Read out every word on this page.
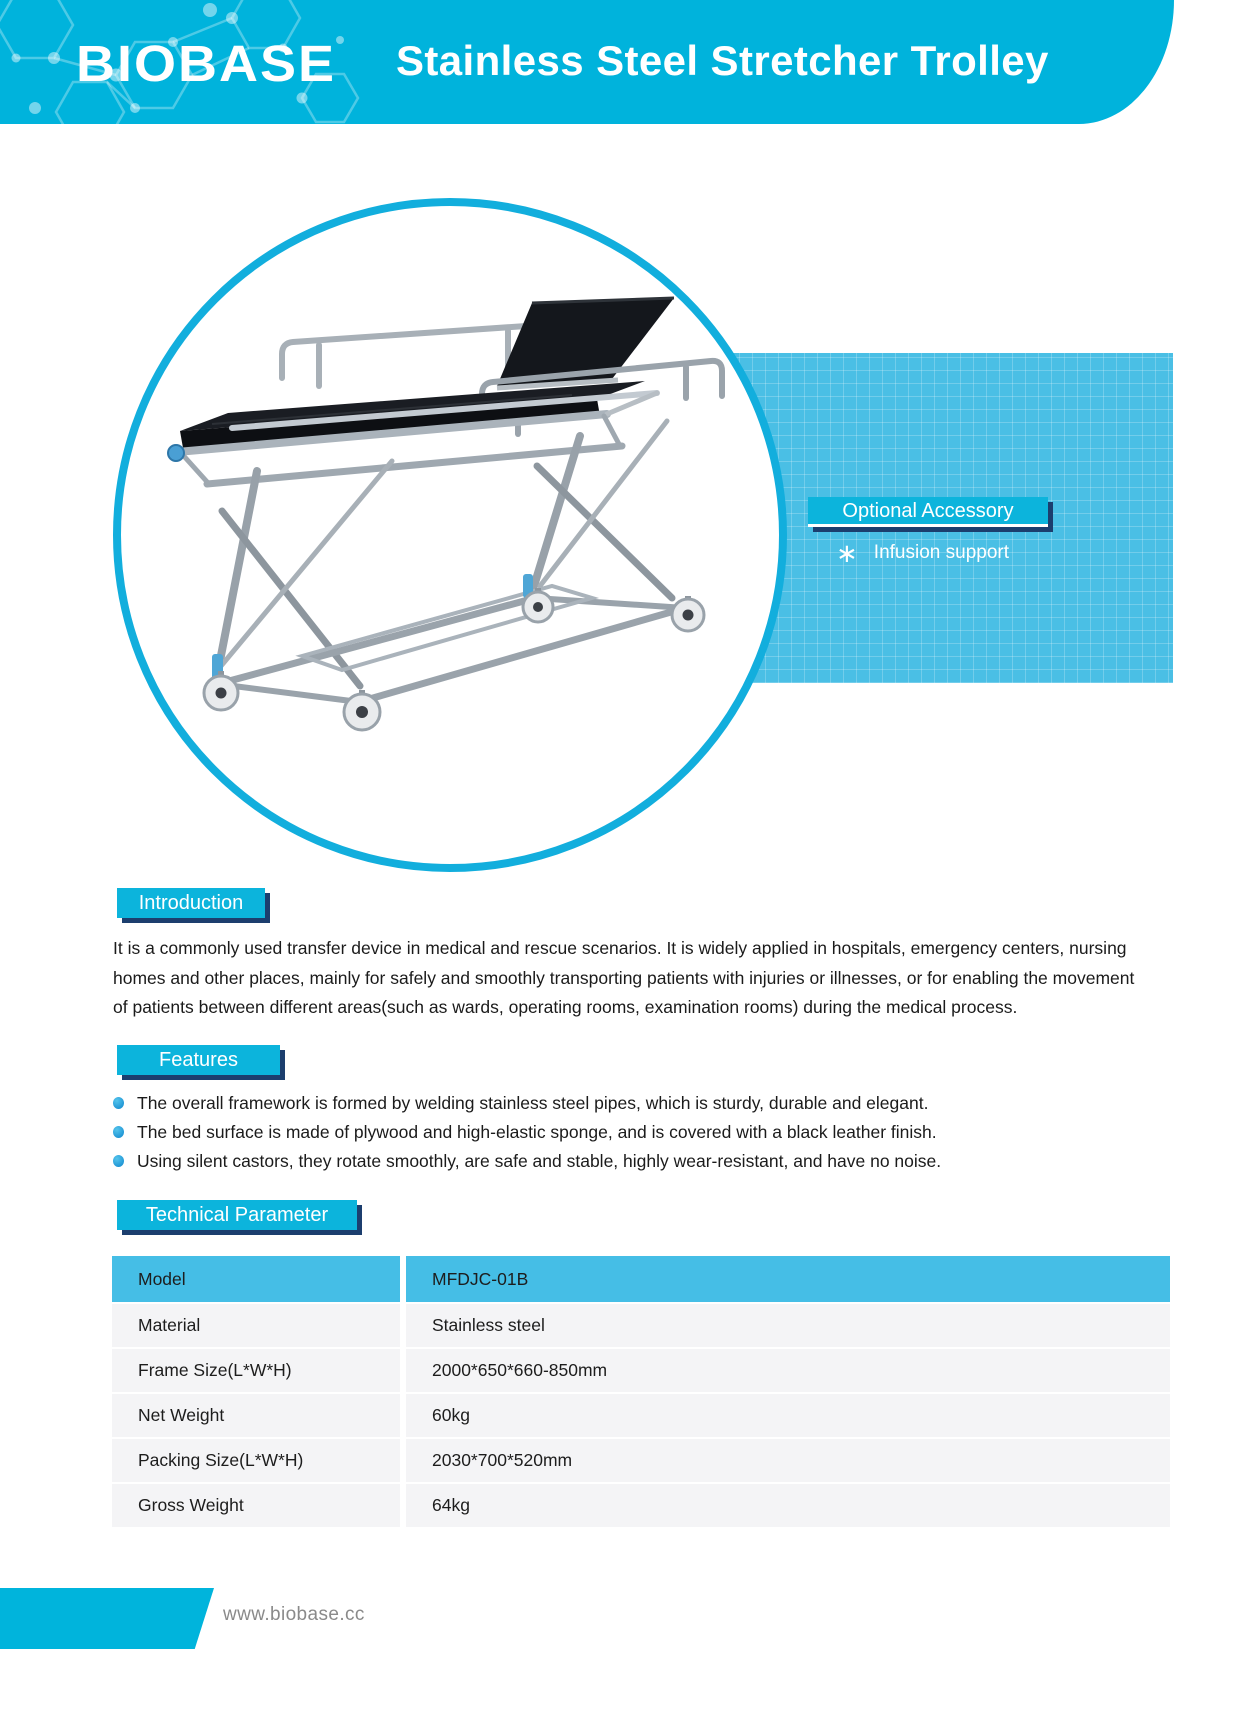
BIOBASE Stainless Steel Stretcher Trolley
Optional Accessory
∗ Infusion support
Introduction

It is a commonly used transfer device in medical and rescue scenarios. It is widely applied in hospitals, emergency centers, nursing homes and other places, mainly for safely and smoothly transporting patients with injuries or illnesses, or for enabling the movement of patients between different areas(such as wards, operating rooms, examination rooms) during the medical process.

Features
The overall framework is formed by welding stainless steel pipes, which is sturdy, durable and elegant.
The bed surface is made of plywood and high-elastic sponge, and is covered with a black leather finish.
Using silent castors, they rotate smoothly, are safe and stable, highly wear-resistant, and have no noise.
Technical Parameter
Model	MFDJC-01B
Material	Stainless steel
Frame Size(L*W*H)	2000*650*660-850mm
Net Weight	60kg
Packing Size(L*W*H)	2030*700*520mm
Gross Weight	64kg
www.biobase.cc
